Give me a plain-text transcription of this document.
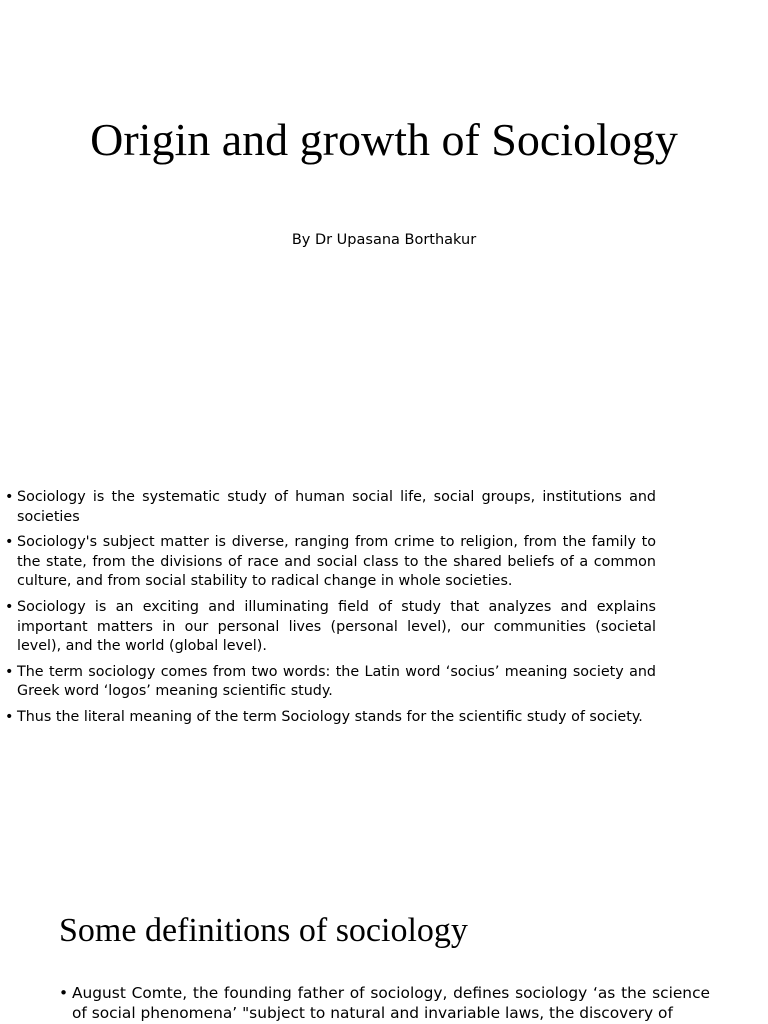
Origin and growth of Sociology
By Dr Upasana Borthakur
• Sociology is the systematic study of human social life, social groups, institutions and societies
• Sociology's subject matter is diverse, ranging from crime to religion, from the family to the state, from the divisions of race and social class to the shared beliefs of a common culture, and from social stability to radical change in whole societies.
• Sociology is an exciting and illuminating field of study that analyzes and explains important matters in our personal lives (personal level), our communities (societal level), and the world (global level).
• The term sociology comes from two words: the Latin word ‘socius’ meaning society and Greek word ‘logos’ meaning scientific study.
• Thus the literal meaning of the term Sociology stands for the scientific study of society.
Some definitions of sociology
• August Comte, the founding father of sociology, defines sociology ‘as the science of social phenomena’ "subject to natural and invariable laws, the discovery of
